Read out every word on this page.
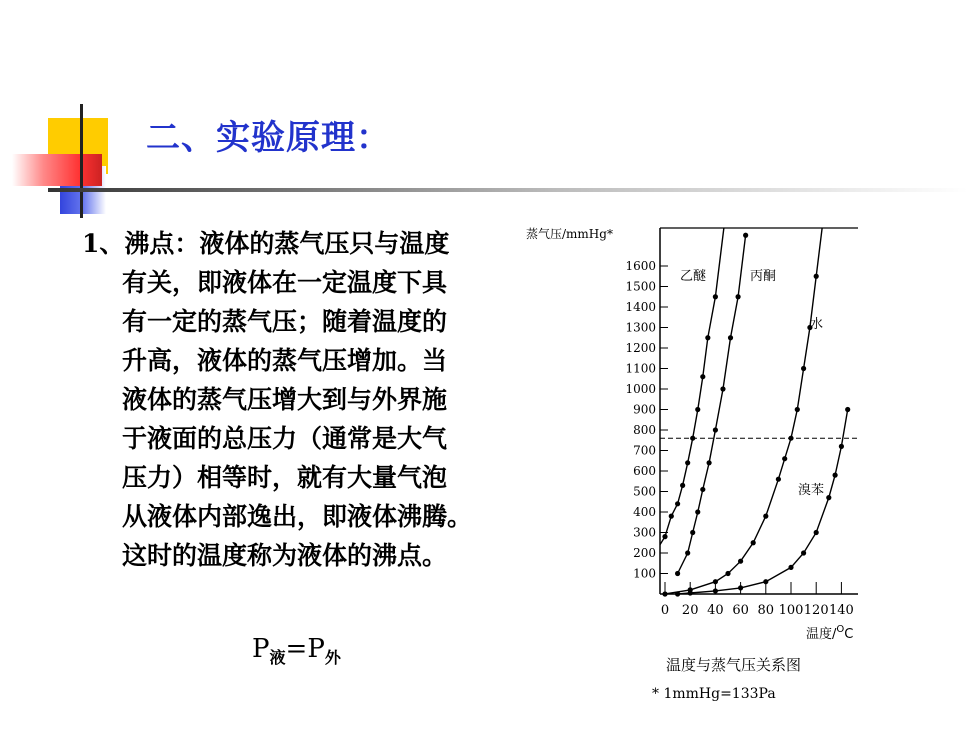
二、实验原理：
1、沸点：液体的蒸气压只与温度
有关，即液体在一定温度下具
有一定的蒸气压；随着温度的
升高，液体的蒸气压增加。当
液体的蒸气压增大到与外界施
于液面的总压力（通常是大气
压力）相等时，就有大量气泡
从液体内部逸出，即液体沸腾。
这时的温度称为液体的沸点。
$P_液=P_外$
蒸气压/mmHg*
100
200
300
400
500
600
700
800
900
1000
1100
1200
1300
1400
1500
1600
0 20 40 60 80 100 120 140
温度/$^O$C
乙醚	丙酮
水
溴苯
温度与蒸气压关系图
* 1mmHg=133Pa
